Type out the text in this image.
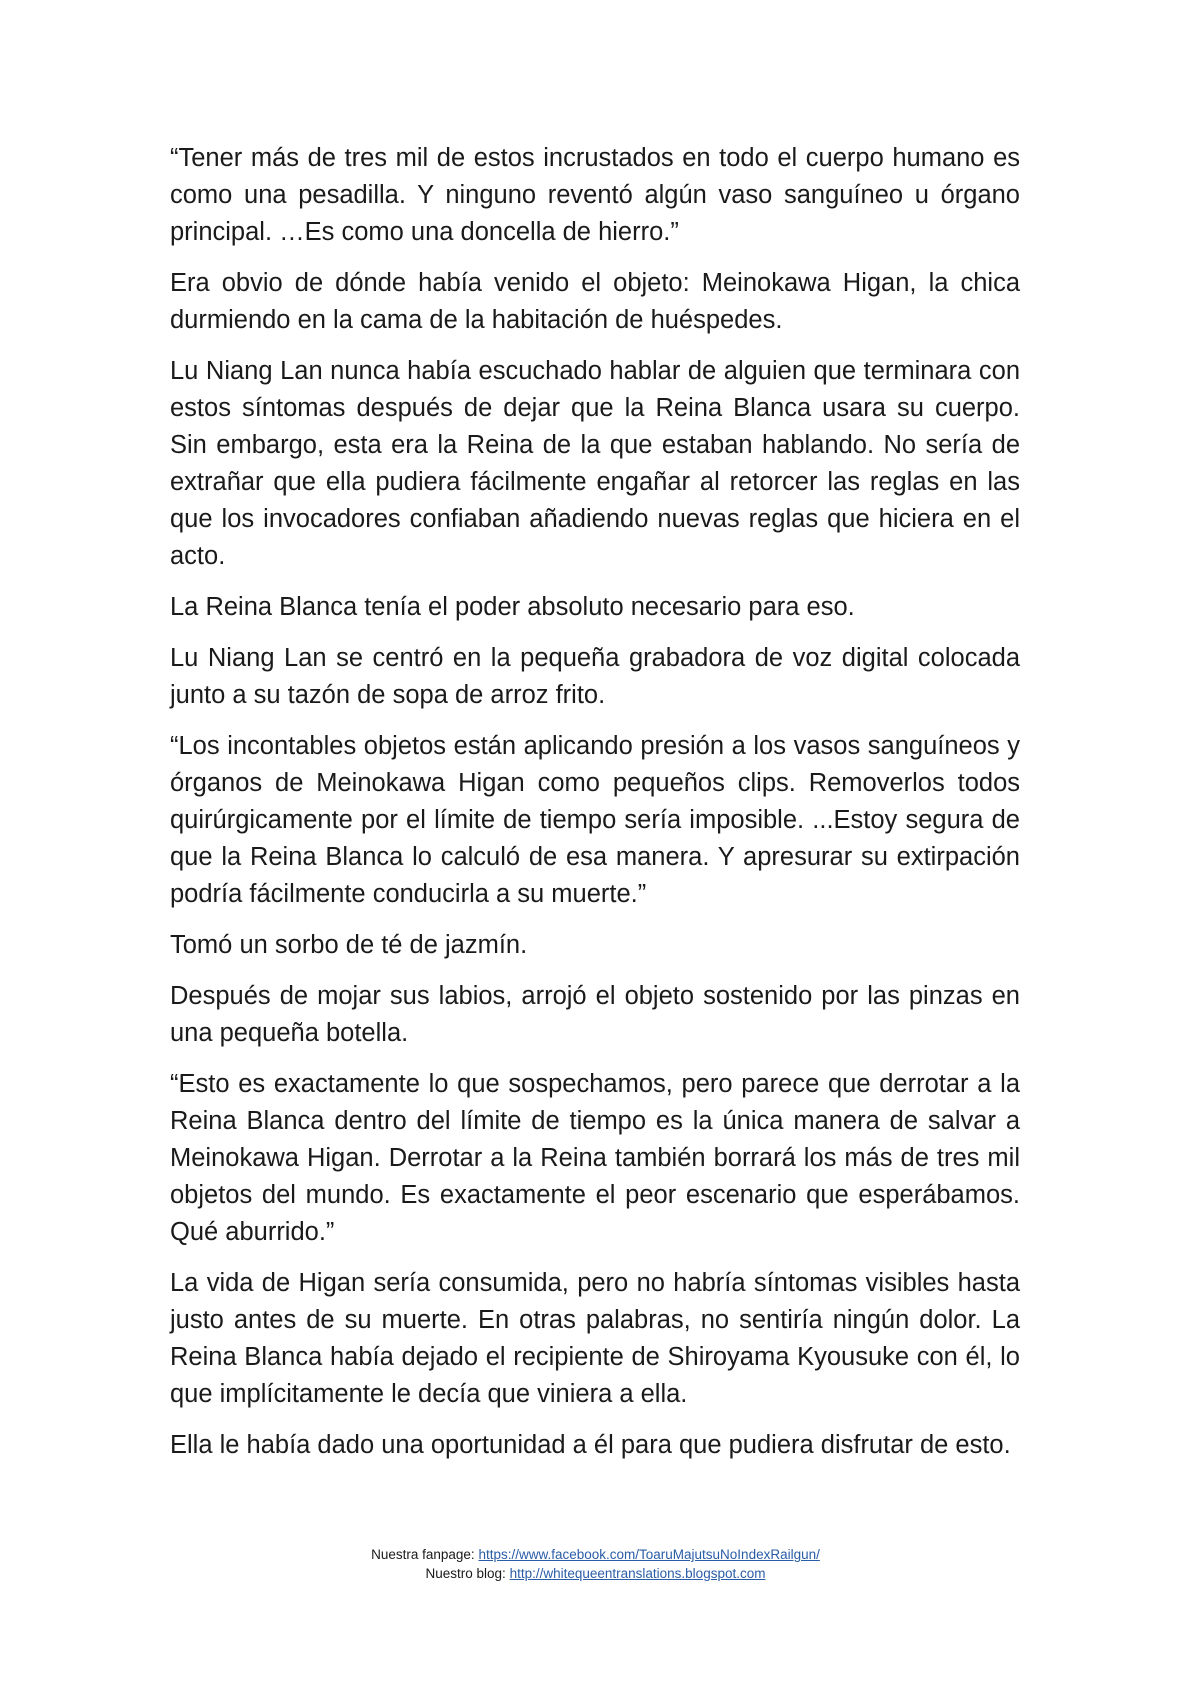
“Tener más de tres mil de estos incrustados en todo el cuerpo humano es como una pesadilla. Y ninguno reventó algún vaso sanguíneo u órgano principal. …Es como una doncella de hierro.”

Era obvio de dónde había venido el objeto: Meinokawa Higan, la chica durmiendo en la cama de la habitación de huéspedes.

Lu Niang Lan nunca había escuchado hablar de alguien que terminara con estos síntomas después de dejar que la Reina Blanca usara su cuerpo. Sin embargo, esta era la Reina de la que estaban hablando. No sería de extrañar que ella pudiera fácilmente engañar al retorcer las reglas en las que los invocadores confiaban añadiendo nuevas reglas que hiciera en el acto.

La Reina Blanca tenía el poder absoluto necesario para eso.

Lu Niang Lan se centró en la pequeña grabadora de voz digital colocada junto a su tazón de sopa de arroz frito.

“Los incontables objetos están aplicando presión a los vasos sanguíneos y órganos de Meinokawa Higan como pequeños clips. Removerlos todos quirúrgicamente por el límite de tiempo sería imposible. ...Estoy segura de que la Reina Blanca lo calculó de esa manera. Y apresurar su extirpación podría fácilmente conducirla a su muerte.”

Tomó un sorbo de té de jazmín.

Después de mojar sus labios, arrojó el objeto sostenido por las pinzas en una pequeña botella.

“Esto es exactamente lo que sospechamos, pero parece que derrotar a la Reina Blanca dentro del límite de tiempo es la única manera de salvar a Meinokawa Higan. Derrotar a la Reina también borrará los más de tres mil objetos del mundo. Es exactamente el peor escenario que esperábamos. Qué aburrido.”

La vida de Higan sería consumida, pero no habría síntomas visibles hasta justo antes de su muerte. En otras palabras, no sentiría ningún dolor. La Reina Blanca había dejado el recipiente de Shiroyama Kyousuke con él, lo que implícitamente le decía que viniera a ella.

Ella le había dado una oportunidad a él para que pudiera disfrutar de esto.

Nuestra fanpage: https://www.facebook.com/ToaruMajutsuNoIndexRailgun/
Nuestro blog: http://whitequeentranslations.blogspot.com
